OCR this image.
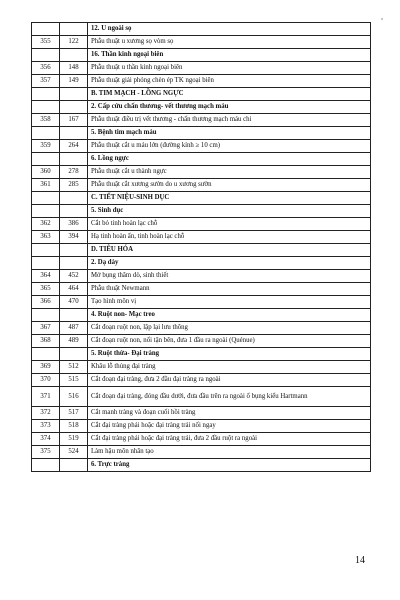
		12. U ngoài sọ
355	122	Phẫu thuật u xương sọ vòm sọ
		16. Thần kinh ngoại biên
356	148	Phẫu thuật u thần kinh ngoại biên
357	149	Phẫu thuật giải phóng chèn ép TK ngoại biên
		B. TIM MẠCH - LỒNG NGỰC
		2. Cấp cứu chấn thương- vết thương mạch máu
358	167	Phẫu thuật điều trị vết thương - chấn thương mạch máu chi
		5. Bệnh tim mạch máu
359	264	Phẫu thuật cắt u máu lớn (đường kính ≥ 10 cm)
		6. Lồng ngực
360	278	Phẫu thuật cắt u thành ngực
361	285	Phẫu thuật cắt xương sườn do u xương sườn
		C. TIẾT NIỆU-SINH DỤC
		5. Sinh dục
362	386	Cắt bỏ tinh hoàn lạc chỗ
363	394	Hạ tinh hoàn ẩn, tinh hoàn lạc chỗ
		D. TIÊU HÓA
		2. Dạ dày
364	452	Mở bụng thăm dò, sinh thiết
365	464	Phẫu thuật Newmann
366	470	Tạo hình môn vị
		4. Ruột non- Mạc treo
367	487	Cắt đoạn ruột non, lập lại lưu thông
368	489	Cắt đoạn ruột non, nối tận bên, đưa 1 đầu ra ngoài (Quénue)
		5. Ruột thừa- Đại tràng
369	512	Khâu lỗ thủng đại tràng
370	515	Cắt đoạn đại tràng, đưa 2 đầu đại tràng ra ngoài
371	516	Cắt đoạn đại tràng, đóng đầu dưới, đưa đầu trên ra ngoài ổ bụng kiểu Hartmann
372	517	Cắt manh tràng và đoạn cuối hồi tràng
373	518	Cắt đại tràng phải hoặc đại tràng trái nối ngay
374	519	Cắt đại tràng phải hoặc đại tràng trái, đưa 2 đầu ruột ra ngoài
375	524	Làm hậu môn nhân tạo
		6. Trực tràng
14
